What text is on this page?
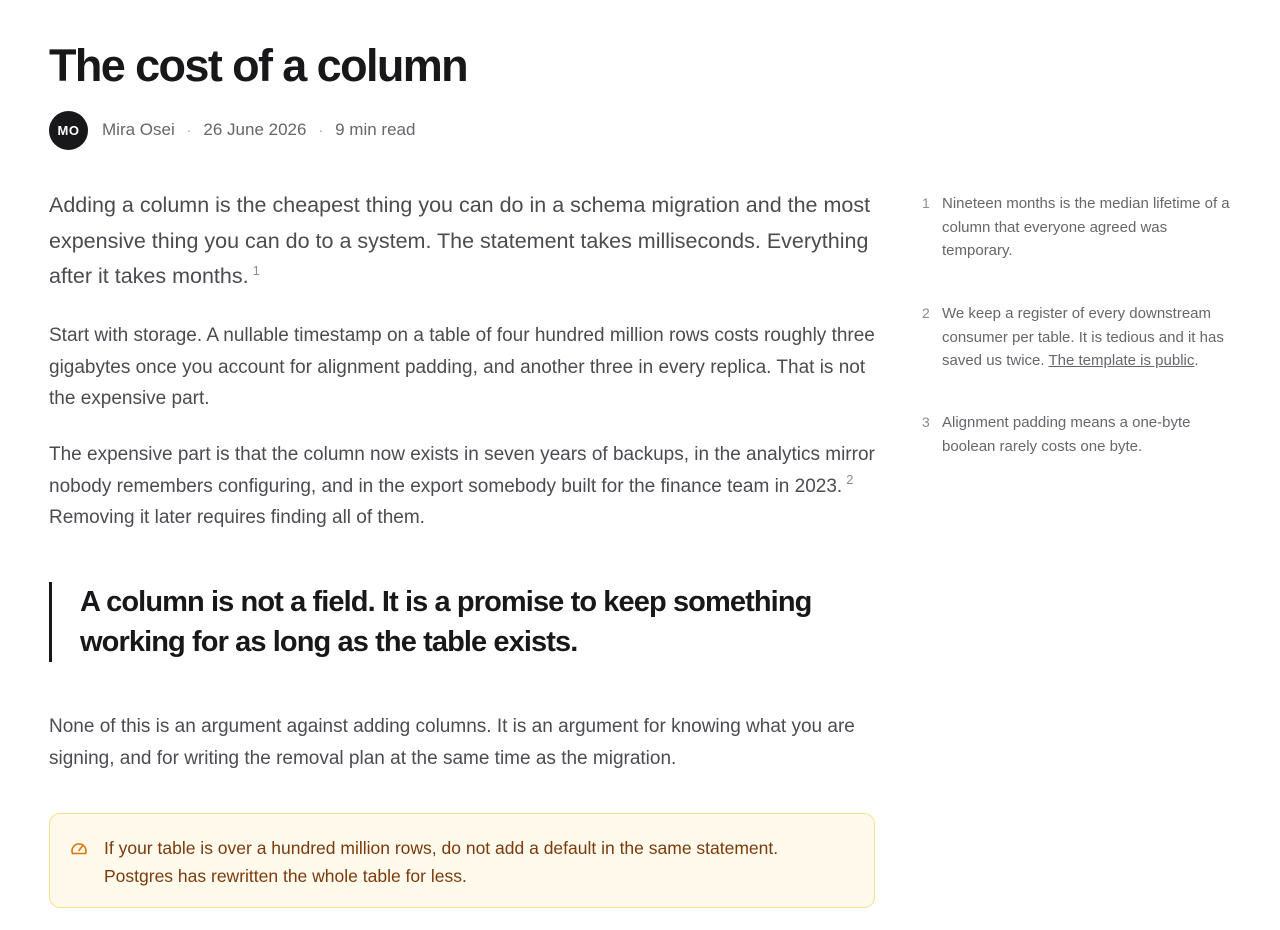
The cost of a column
MO	Mira Osei · 26 June 2026 · 9 min read

Adding a column is the cheapest thing you can do in a schema migration and the most expensive thing you can do to a system. The statement takes milliseconds. Everything after it takes months. $^1$

Start with storage. A nullable timestamp on a table of four hundred million rows costs roughly three gigabytes once you account for alignment padding, and another three in every replica. That is not the expensive part.

The expensive part is that the column now exists in seven years of backups, in the analytics mirror nobody remembers configuring, and in the export somebody built for the finance team in 2023. $^2$ Removing it later requires finding all of them.

A column is not a field. It is a promise to keep something working for as long as the table exists.

None of this is an argument against adding columns. It is an argument for knowing what you are signing, and for writing the removal plan at the same time as the migration.

If your table is over a hundred million rows, do not add a default in the same statement. Postgres has rewritten the whole table for less.
1 Nineteen months is the median lifetime of a column that everyone agreed was temporary.
2 We keep a register of every downstream consumer per table. It is tedious and it has saved us twice. The template is public.
3 Alignment padding means a one-byte boolean rarely costs one byte.
